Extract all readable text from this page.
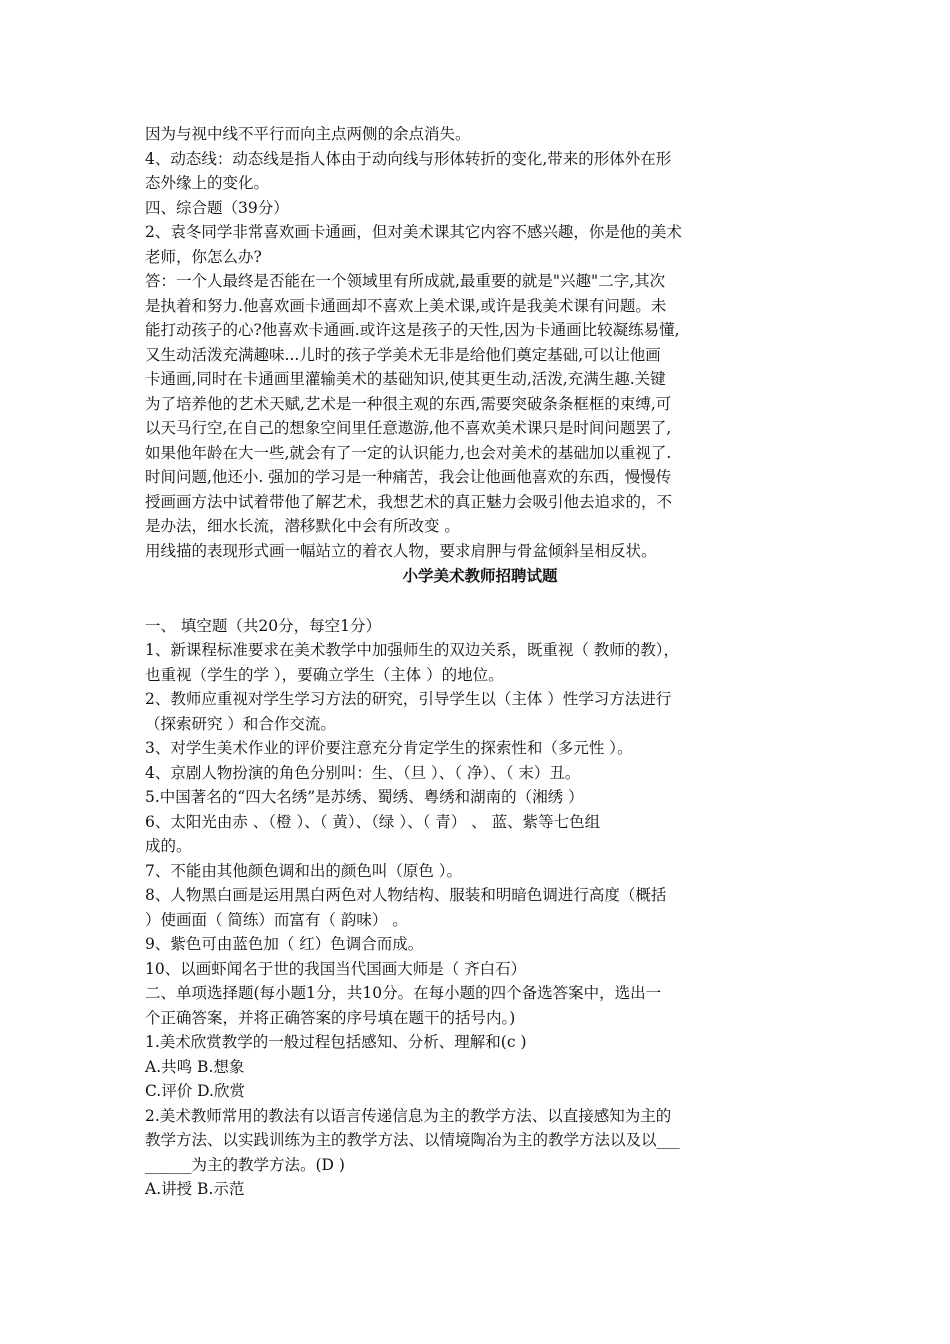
因为与视中线不平行而向主点两侧的余点消失。
4、动态线：动态线是指人体由于动向线与形体转折的变化,带来的形体外在形
态外缘上的变化。
四、综合题（39分）
2、袁冬同学非常喜欢画卡通画，但对美术课其它内容不感兴趣，你是他的美术
老师，你怎么办?
答：一个人最终是否能在一个领域里有所成就,最重要的就是"兴趣"二字,其次
是执着和努力.他喜欢画卡通画却不喜欢上美术课,或许是我美术课有问题。未
能打动孩子的心?他喜欢卡通画.或许这是孩子的天性,因为卡通画比较凝练易懂,
又生动活泼充满趣味...儿时的孩子学美术无非是给他们奠定基础,可以让他画
卡通画,同时在卡通画里灌输美术的基础知识,使其更生动,活泼,充满生趣.关键
为了培养他的艺术天赋,艺术是一种很主观的东西,需要突破条条框框的束缚,可
以天马行空,在自己的想象空间里任意遨游,他不喜欢美术课只是时间问题罢了,
如果他年龄在大一些,就会有了一定的认识能力,也会对美术的基础加以重视了.
时间问题,他还小. 强加的学习是一种痛苦，我会让他画他喜欢的东西，慢慢传
授画画方法中试着带他了解艺术，我想艺术的真正魅力会吸引他去追求的，不
是办法，细水长流，潜移默化中会有所改变 。
用线描的表现形式画一幅站立的着衣人物，要求肩胛与骨盆倾斜呈相反状。
小学美术教师招聘试题
一、 填空题（共20分，每空1分）
1、新课程标准要求在美术教学中加强师生的双边关系，既重视（ 教师的教），
也重视（学生的学 ），要确立学生（主体 ）的地位。
2、教师应重视对学生学习方法的研究，引导学生以（主体 ）性学习方法进行
（探索研究 ）和合作交流。
3、对学生美术作业的评价要注意充分肯定学生的探索性和（多元性 ）。
4、京剧人物扮演的角色分别叫：生、（旦 ）、（ 净）、（ 末）丑。
5.中国著名的“四大名绣”是苏绣、蜀绣、粤绣和湖南的（湘绣 ）
6、太阳光由赤 、（橙 ）、（ 黄）、（绿 ）、（ 青） 、 蓝、紫等七色组
成的。
7、不能由其他颜色调和出的颜色叫（原色 ）。
8、人物黑白画是运用黑白两色对人物结构、服装和明暗色调进行高度（概括
）使画面（ 简练）而富有（ 韵味） 。
9、紫色可由蓝色加（ 红）色调合而成。
10、以画虾闻名于世的我国当代国画大师是（ 齐白石）
二、单项选择题(每小题1分，共10分。在每小题的四个备选答案中，选出一
个正确答案，并将正确答案的序号填在题干的括号内。)
1.美术欣赏教学的一般过程包括感知、分析、理解和(c )
A.共鸣 B.想象
C.评价 D.欣赏
2.美术教师常用的教法有以语言传递信息为主的教学方法、以直接感知为主的
教学方法、以实践训练为主的教学方法、以情境陶冶为主的教学方法以及以___
______为主的教学方法。(D )
A.讲授 B.示范
